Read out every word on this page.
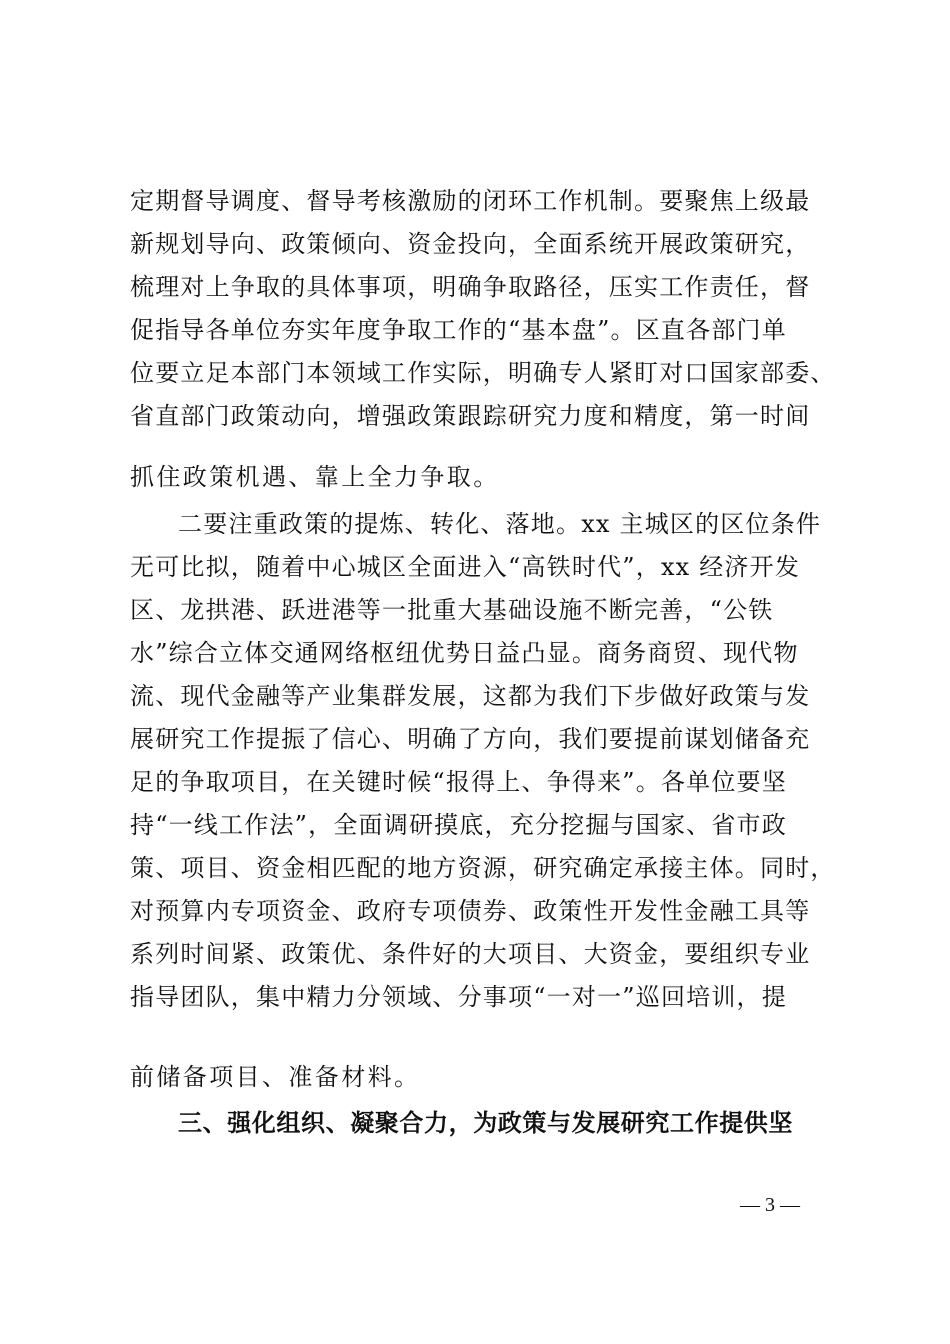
定期督导调度、督导考核激励的闭环工作机制。要聚焦上级最
新规划导向、政策倾向、资金投向，全面系统开展政策研究，
梳理对上争取的具体事项，明确争取路径，压实工作责任，督
促指导各单位夯实年度争取工作的“基本盘”。区直各部门单
位要立足本部门本领域工作实际，明确专人紧盯对口国家部委、
省直部门政策动向，增强政策跟踪研究力度和精度，第一时间
抓住政策机遇、靠上全力争取。
二要注重政策的提炼、转化、落地。xx 主城区的区位条件
无可比拟，随着中心城区全面进入“高铁时代”，xx 经济开发
区、龙拱港、跃进港等一批重大基础设施不断完善，“公铁
水”综合立体交通网络枢纽优势日益凸显。商务商贸、现代物
流、现代金融等产业集群发展，这都为我们下步做好政策与发
展研究工作提振了信心、明确了方向，我们要提前谋划储备充
足的争取项目，在关键时候“报得上、争得来”。各单位要坚
持“一线工作法”，全面调研摸底，充分挖掘与国家、省市政
策、项目、资金相匹配的地方资源，研究确定承接主体。同时，
对预算内专项资金、政府专项债券、政策性开发性金融工具等
系列时间紧、政策优、条件好的大项目、大资金，要组织专业
指导团队，集中精力分领域、分事项“一对一”巡回培训，提
前储备项目、准备材料。
三、强化组织、凝聚合力，为政策与发展研究工作提供坚
— 3 —
